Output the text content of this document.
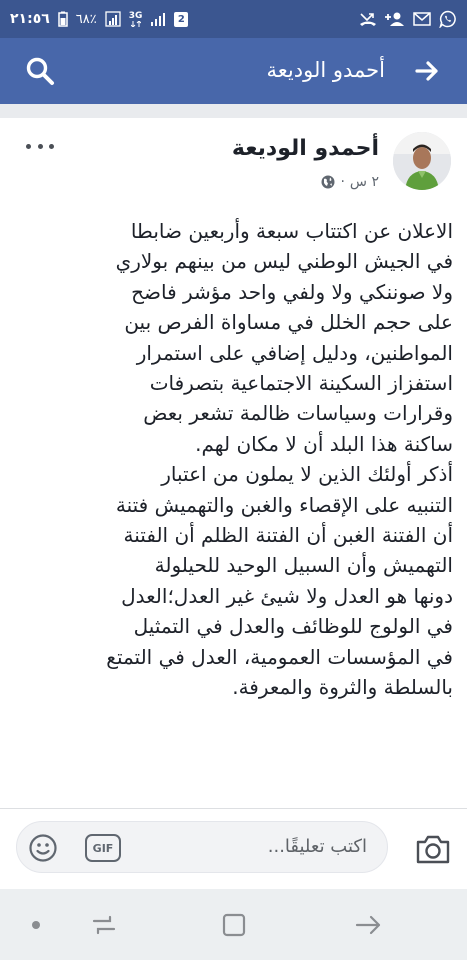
٢١:٥٦ ٦٨٪	3G	2
أحمدو الوديعة
أحمدو الوديعة
٢ س
·

الاعلان عن اكتتاب سبعة وأربعين ضابطا

في الجيش الوطني ليس من بينهم بولاري

ولا صوننكي ولا ولفي واحد مؤشر فاضح

على حجم الخلل في مساواة الفرص بين

المواطنين، ودليل إضافي على استمرار

استفزاز السكينة الاجتماعية بتصرفات

وقرارات وسياسات ظالمة تشعر بعض

ساكنة هذا البلد أن لا مكان لهم.

أذكر أولئك الذين لا يملون من اعتبار

التنبيه على الإقصاء والغبن والتهميش فتنة

أن الفتنة الغبن أن الفتنة الظلم أن الفتنة

التهميش وأن السبيل الوحيد للحيلولة

دونها هو العدل ولا شيئ غير العدل؛العدل

في الولوج للوظائف والعدل في التمثيل

في المؤسسات العمومية، العدل في التمتع

بالسلطة والثروة والمعرفة.

اكتب تعليقًا...
GIF
